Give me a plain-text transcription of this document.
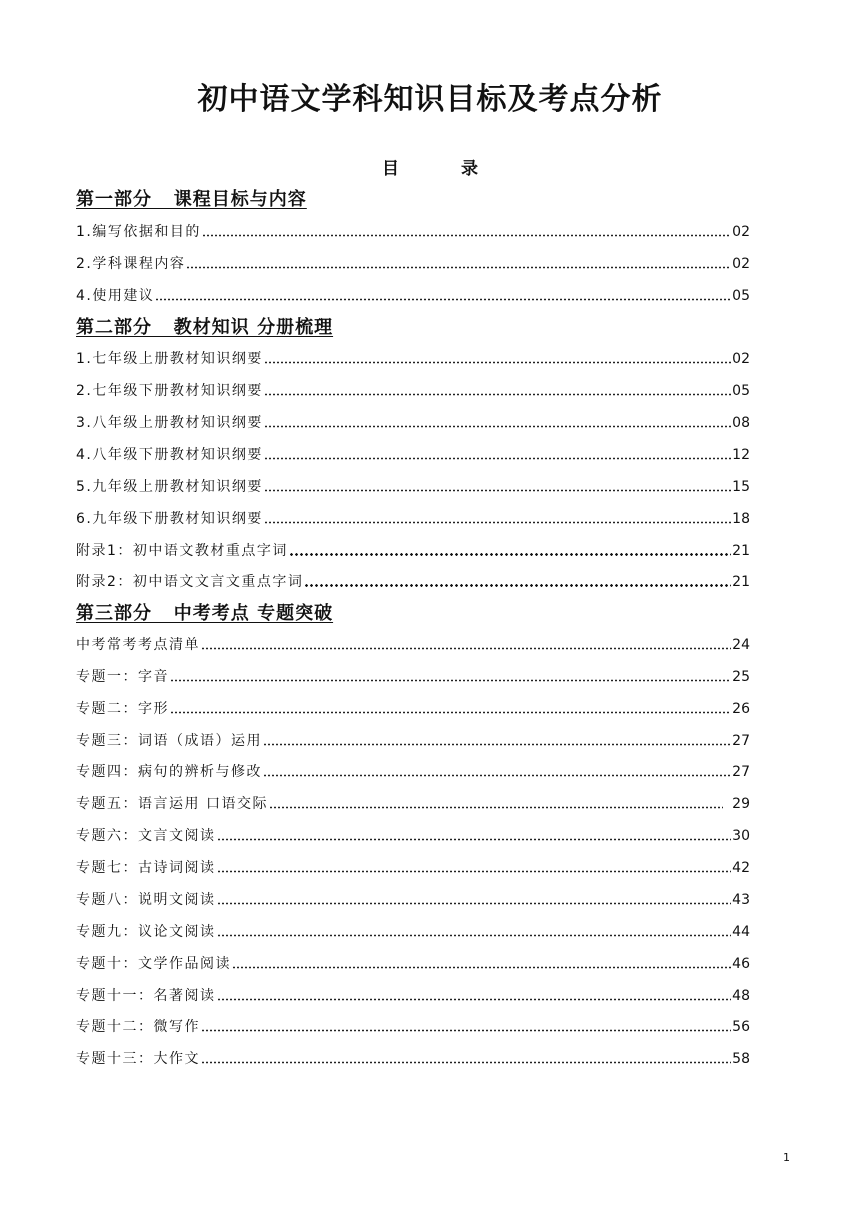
初中语文学科知识目标及考点分析
目 录
第一部分   课程目标与内容
1.编写依据和目的	02
2.学科课程内容	02
4.使用建议	05
第二部分   教材知识 分册梳理
1.七年级上册教材知识纲要	02
2.七年级下册教材知识纲要	05
3.八年级上册教材知识纲要	08
4.八年级下册教材知识纲要	12
5.九年级上册教材知识纲要	15
6.九年级下册教材知识纲要	18
附录1：初中语文教材重点字词	21
附录2：初中语文文言文重点字词	21
第三部分   中考考点 专题突破
中考常考考点清单	24
专题一：字音	25
专题二：字形	26
专题三：词语（成语）运用	27
专题四：病句的辨析与修改	27
专题五：语言运用 口语交际	29
专题六：文言文阅读	30
专题七：古诗词阅读	42
专题八：说明文阅读	43
专题九：议论文阅读	44
专题十：文学作品阅读	46
专题十一：名著阅读	48
专题十二：微写作	56
专题十三：大作文	58
1
